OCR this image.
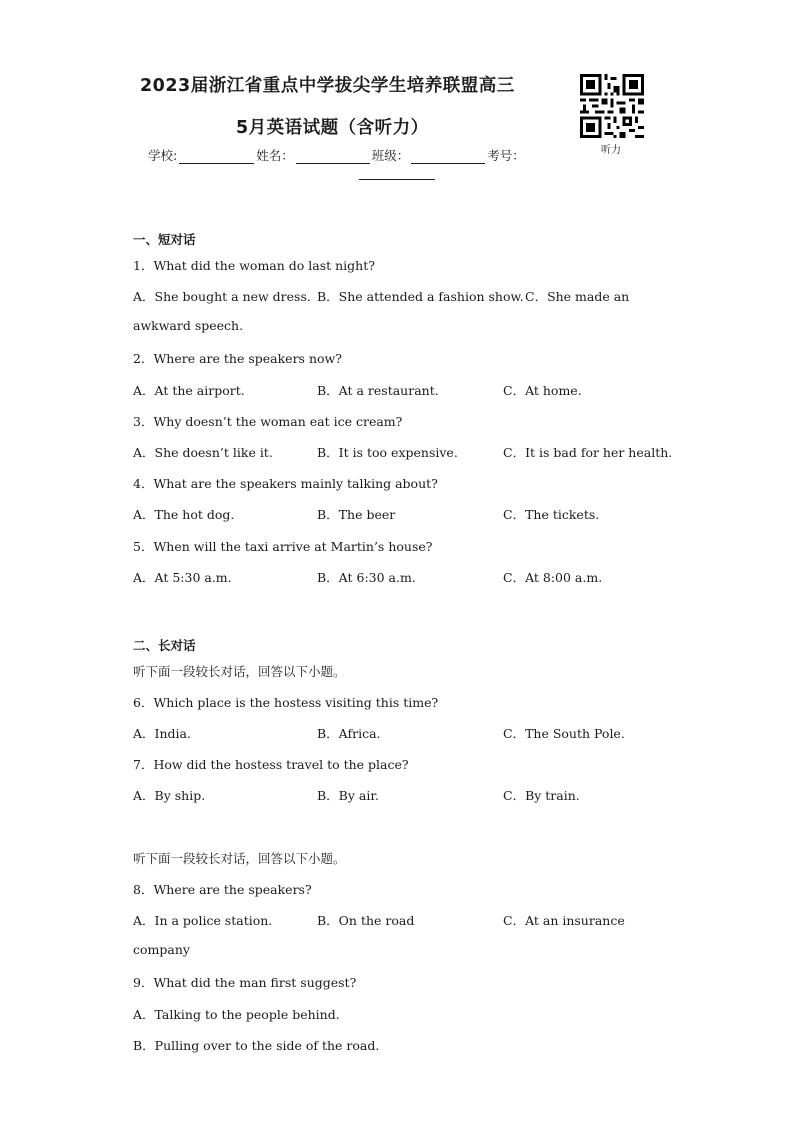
2023届浙江省重点中学拔尖学生培养联盟高三
5月英语试题（含听力）
听力
学校:	姓名：	班级：	考号：
一、短对话
1．What did the woman do last night?
A．She bought a new dress. B．She attended a fashion show. C．She made an
awkward speech.
2．Where are the speakers now?
A．At the airport.	B．At a restaurant.	C．At home.
3．Why doesn’t the woman eat ice cream?
A．She doesn’t like it.	B．It is too expensive.	C．It is bad for her health.
4．What are the speakers mainly talking about?
A．The hot dog.	B．The beer	C．The tickets.
5．When will the taxi arrive at Martin’s house?
A．At 5:30 a.m.	B．At 6:30 a.m.	C．At 8:00 a.m.
二、长对话
听下面一段较长对话，回答以下小题。
6．Which place is the hostess visiting this time?
A．India.	B．Africa.	C．The South Pole.
7．How did the hostess travel to the place?
A．By ship.	B．By air.	C．By train.
听下面一段较长对话，回答以下小题。
8．Where are the speakers?
A．In a police station.	B．On the road	C．At an insurance
company
9．What did the man first suggest?
A．Talking to the people behind.
B．Pulling over to the side of the road.
